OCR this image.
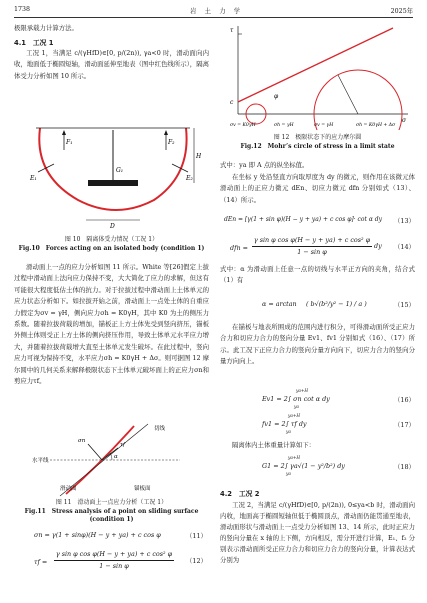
1738	岩　土　力　学	2025年
极限承载力计算方法。
4.1　工况 1
工况 1，当满足 c/(γHfD)∈[0, p/(2n)), γa<0 时，滑动面向内收，地面低于椭圆短轴，滑动面延伸至地表（图中红色线所示），隔离体受力分析如图 10 所示。
F₁	F₂
E₁	E₂
G₁
D
H
图 10　隔离体受力情况（工况 1）
Fig.10　Forces acting on an isolated body (condition 1)
滑动面上一点的应力分析如图 11 所示。White 等[26]假定上拔过程中滑动面上法向应力保持不变，大大简化了应力的求解，但这有可能很大程度低估土体的抗力。对于拉拔过程中滑动面上土体单元的应力状态分析如下。如拉拔开始之前，滑动面上一点处土体的自重应力假定为σv = γH，侧向应力σh = K0γH，其中 K0 为土的侧压力系数。随着拉拔荷载的增加，锚板正上方土体先受到竖向挤压，锚板外侧土体则受正上方土体的侧向挤压作用，导致土体单元水平应力增大，并随着拉拔荷载增大直至土体单元发生破坏。在此过程中，竖向应力可视为保持不变，水平应力σh = K0γH + Δσ。则可据图 12 摩尔圆中的几何关系来解释极限状态下土体单元破坏面上的正应力σn和剪应力τf。
切线
水平线
滑动面	锚板面
α
τf
σn
图 11　滑动面上一点应力分析（工况 1）
Fig.11　Stress analysis of a point on sliding surface
(condition 1)
σn = γ(1 + sinφ)(H − y + ya) + c cos φ	（11）
τf =
γ sin φ cos φ(H − y + ya) + c cos² φ
1 − sin φ
（12）
τ
σ
φ
c
σv = K0γH	σh = γH	σv = γH	σh = K0γH + Δσ
图 12　极限状态下的应力摩尔圆
Fig.12　Mohr’s circle of stress in a limit state
式中：ya 即 A 点的纵坐标值。
在坐标 y 处沿竖直方向取厚度为 dy 的微元，则作用在该微元体滑动面上的正应力微元 dEn、切应力微元 dfn 分别如式（13）、（14）所示。
dEn = [γ(1 + sin φ)(H − y + ya) + c cos φ]· cot α dy （13）
dfn =
γ sin φ cos φ(H − y + ya) + c cos² φ
1 − sin φ
dy （14）
式中：α 为滑动面上任意一点的切线与水平正方向的夹角，结合式（1）有
α = arctan ( b√(b²/y² − 1) / a )	（15）
在锚板与地表所围成的范围内进行积分，可得滑动面所受正应力合力和切应力合力的竖向分量 Ev1、fv1 分别如式（16）、（17）所示。此工况下正应力合力的竖向分量方向向下，切应力合力的竖向分量方向向上。
Ev1 = 2∫ σn cot α dy
ya+H
ya
（16）
fv1 = 2∫ τf dy
ya+H
ya
（17）
隔离体内土体重量计算如下：
G1 = 2∫ γa√(1 − y²/b²) dy
ya+H
ya
（18）
4.2　工况 2
工况 2，当满足 c/(γHfD)∈[0, p/(2n)), 0≤ya<b 时，滑动面向内收，地面高于椭圆短轴但低于椭圆顶点，滑动面仍能贯通至地表，滑动面形状与滑动面上一点受力分析如图 13、14 所示，此时正应力的竖向分量在 x 轴的上下侧，方向相反，需分开进行计算，E₁、f₂ 分别表示滑动面所受正应力合力和切应力合力的竖向分量，计算表达式分别为
